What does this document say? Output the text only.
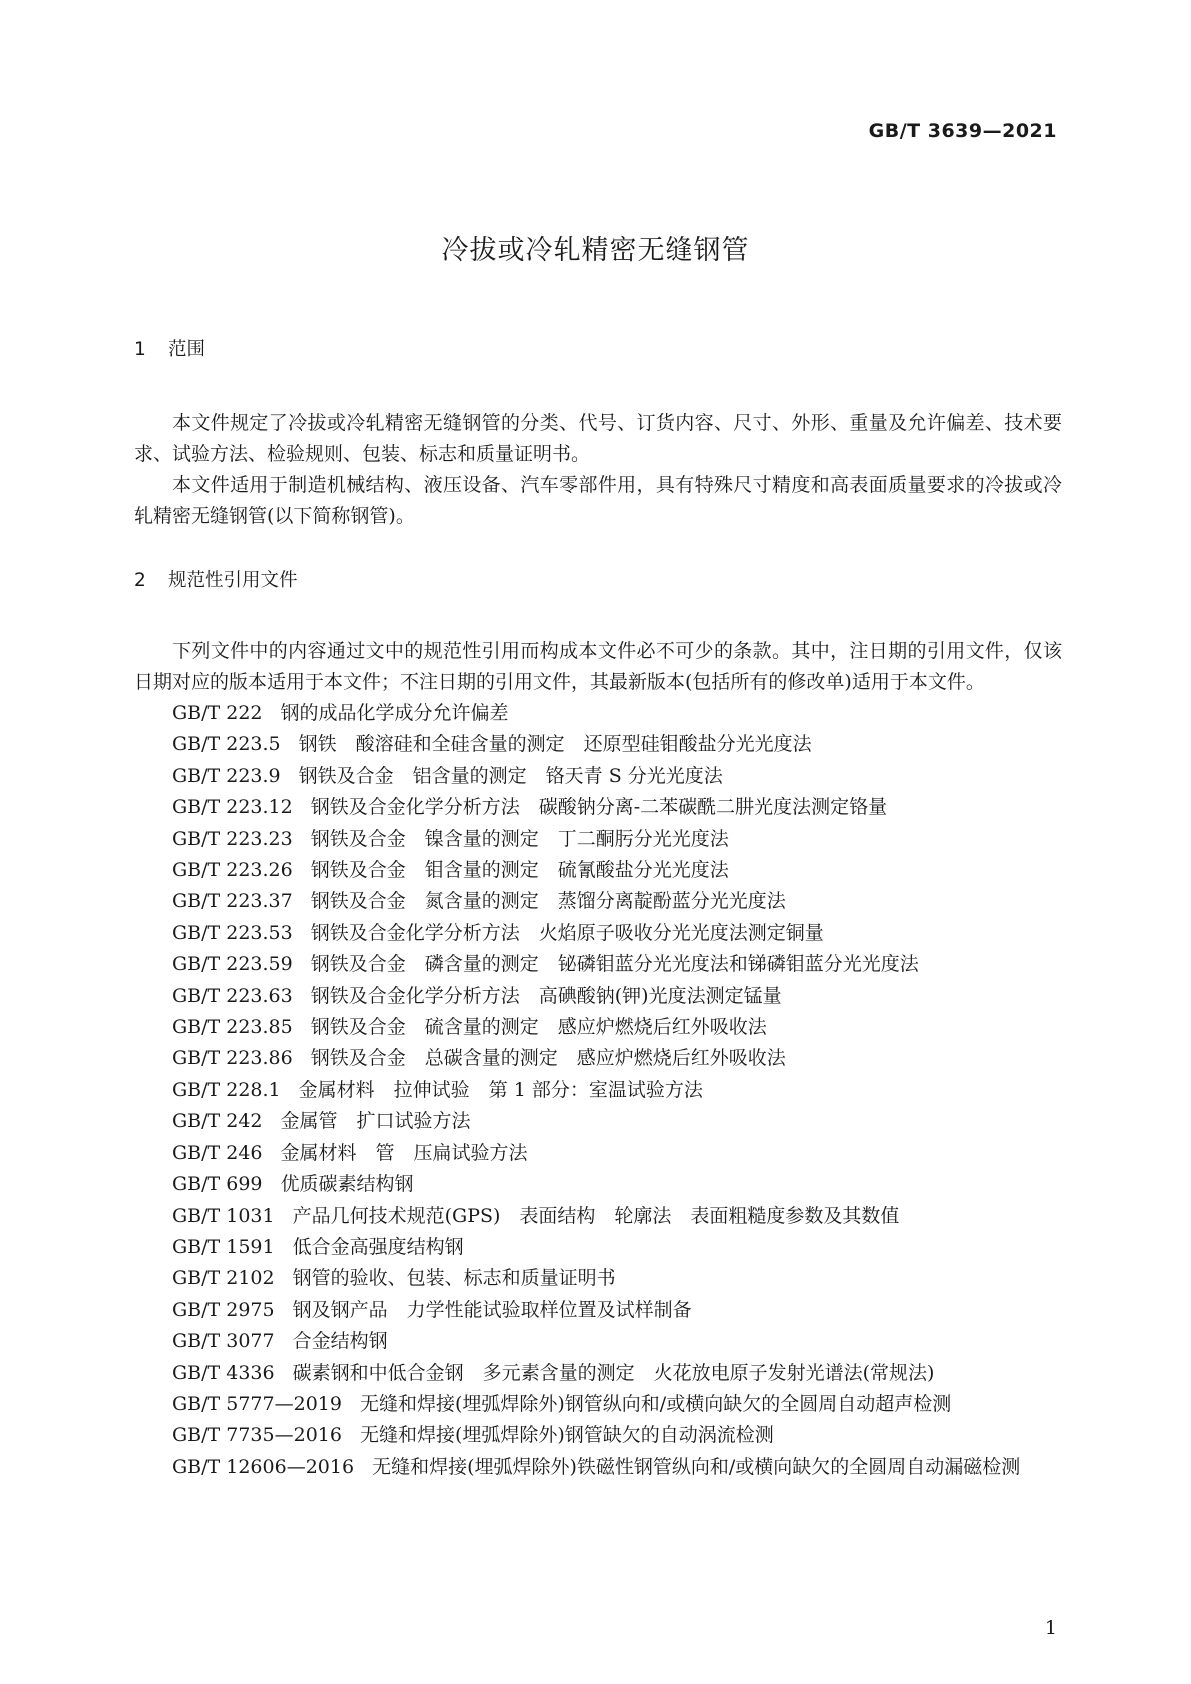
GB/T 3639—2021

冷拔或冷轧精密无缝钢管
1 范围

本文件规定了冷拔或冷轧精密无缝钢管的分类、代号、订货内容、尺寸、外形、重量及允许偏差、技术要求、试验方法、检验规则、包装、标志和质量证明书。

本文件适用于制造机械结构、液压设备、汽车零部件用，具有特殊尺寸精度和高表面质量要求的冷拔或冷轧精密无缝钢管(以下简称钢管)。

2 规范性引用文件

下列文件中的内容通过文中的规范性引用而构成本文件必不可少的条款。其中，注日期的引用文件，仅该日期对应的版本适用于本文件；不注日期的引用文件，其最新版本(包括所有的修改单)适用于本文件。

GB/T 222 钢的成品化学成分允许偏差

GB/T 223.5 钢铁　酸溶硅和全硅含量的测定　还原型硅钼酸盐分光光度法

GB/T 223.9 钢铁及合金　铝含量的测定　铬天青 S 分光光度法

GB/T 223.12 钢铁及合金化学分析方法　碳酸钠分离-二苯碳酰二肼光度法测定铬量

GB/T 223.23 钢铁及合金　镍含量的测定　丁二酮肟分光光度法

GB/T 223.26 钢铁及合金　钼含量的测定　硫氰酸盐分光光度法

GB/T 223.37 钢铁及合金　氮含量的测定　蒸馏分离靛酚蓝分光光度法

GB/T 223.53 钢铁及合金化学分析方法　火焰原子吸收分光光度法测定铜量

GB/T 223.59 钢铁及合金　磷含量的测定　铋磷钼蓝分光光度法和锑磷钼蓝分光光度法

GB/T 223.63 钢铁及合金化学分析方法　高碘酸钠(钾)光度法测定锰量

GB/T 223.85 钢铁及合金　硫含量的测定　感应炉燃烧后红外吸收法

GB/T 223.86 钢铁及合金　总碳含量的测定　感应炉燃烧后红外吸收法

GB/T 228.1 金属材料　拉伸试验　第 1 部分：室温试验方法

GB/T 242 金属管　扩口试验方法

GB/T 246 金属材料　管　压扁试验方法

GB/T 699 优质碳素结构钢

GB/T 1031 产品几何技术规范(GPS)　表面结构　轮廓法　表面粗糙度参数及其数值

GB/T 1591 低合金高强度结构钢

GB/T 2102 钢管的验收、包装、标志和质量证明书

GB/T 2975 钢及钢产品　力学性能试验取样位置及试样制备

GB/T 3077 合金结构钢

GB/T 4336 碳素钢和中低合金钢　多元素含量的测定　火花放电原子发射光谱法(常规法)

GB/T 5777—2019 无缝和焊接(埋弧焊除外)钢管纵向和/或横向缺欠的全圆周自动超声检测

GB/T 7735—2016 无缝和焊接(埋弧焊除外)钢管缺欠的自动涡流检测

GB/T 12606—2016 无缝和焊接(埋弧焊除外)铁磁性钢管纵向和/或横向缺欠的全圆周自动漏磁检测

1
